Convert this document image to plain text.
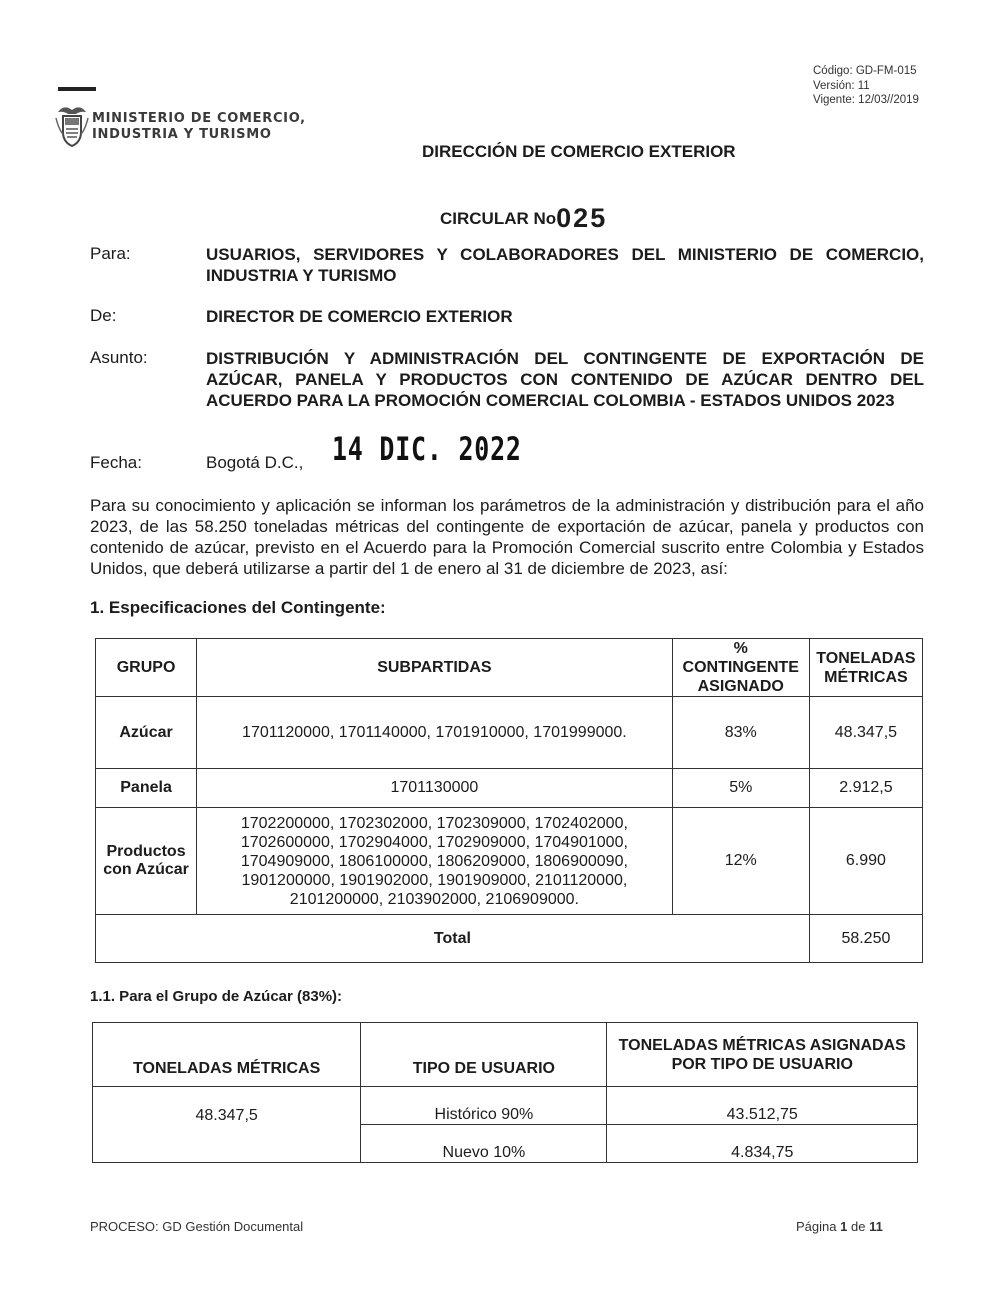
Código: GD-FM-015
Versión: 11
Vigente: 12/03//2019
MINISTERIO DE COMERCIO,
INDUSTRIA Y TURISMO
DIRECCIÓN DE COMERCIO EXTERIOR
CIRCULAR No025
Para:	USUARIOS, SERVIDORES Y COLABORADORES DEL MINISTERIO DE COMERCIO, INDUSTRIA Y TURISMO
De:	DIRECTOR DE COMERCIO EXTERIOR
Asunto:	DISTRIBUCIÓN Y ADMINISTRACIÓN DEL CONTINGENTE DE EXPORTACIÓN DE AZÚCAR, PANELA Y PRODUCTOS CON CONTENIDO DE AZÚCAR DENTRO DEL ACUERDO PARA LA PROMOCIÓN COMERCIAL COLOMBIA - ESTADOS UNIDOS 2023
Fecha:	Bogotá D.C., 14 DIC. 2022
Para su conocimiento y aplicación se informan los parámetros de la administración y distribución para el año 2023, de las 58.250 toneladas métricas del contingente de exportación de azúcar, panela y productos con contenido de azúcar, previsto en el Acuerdo para la Promoción Comercial suscrito entre Colombia y Estados Unidos, que deberá utilizarse a partir del 1 de enero al 31 de diciembre de 2023, así:
1. Especificaciones del Contingente:
GRUPO	SUBPARTIDAS	% CONTINGENTE ASIGNADO	TONELADAS MÉTRICAS
Azúcar	1701120000, 1701140000, 1701910000, 1701999000.	83%	48.347,5
Panela	1701130000	5%	2.912,5
Productos con Azúcar	1702200000, 1702302000, 1702309000, 1702402000, 1702600000, 1702904000, 1702909000, 1704901000, 1704909000, 1806100000, 1806209000, 1806900090, 1901200000, 1901902000, 1901909000, 2101120000, 2101200000, 2103902000, 2106909000.	12%	6.990
Total			58.250
1.1. Para el Grupo de Azúcar (83%):
TONELADAS MÉTRICAS	TIPO DE USUARIO	TONELADAS MÉTRICAS ASIGNADAS POR TIPO DE USUARIO
48.347,5	Histórico 90%	43.512,75
	Nuevo 10%	4.834,75
PROCESO: GD Gestión Documental	Página 1 de 11
